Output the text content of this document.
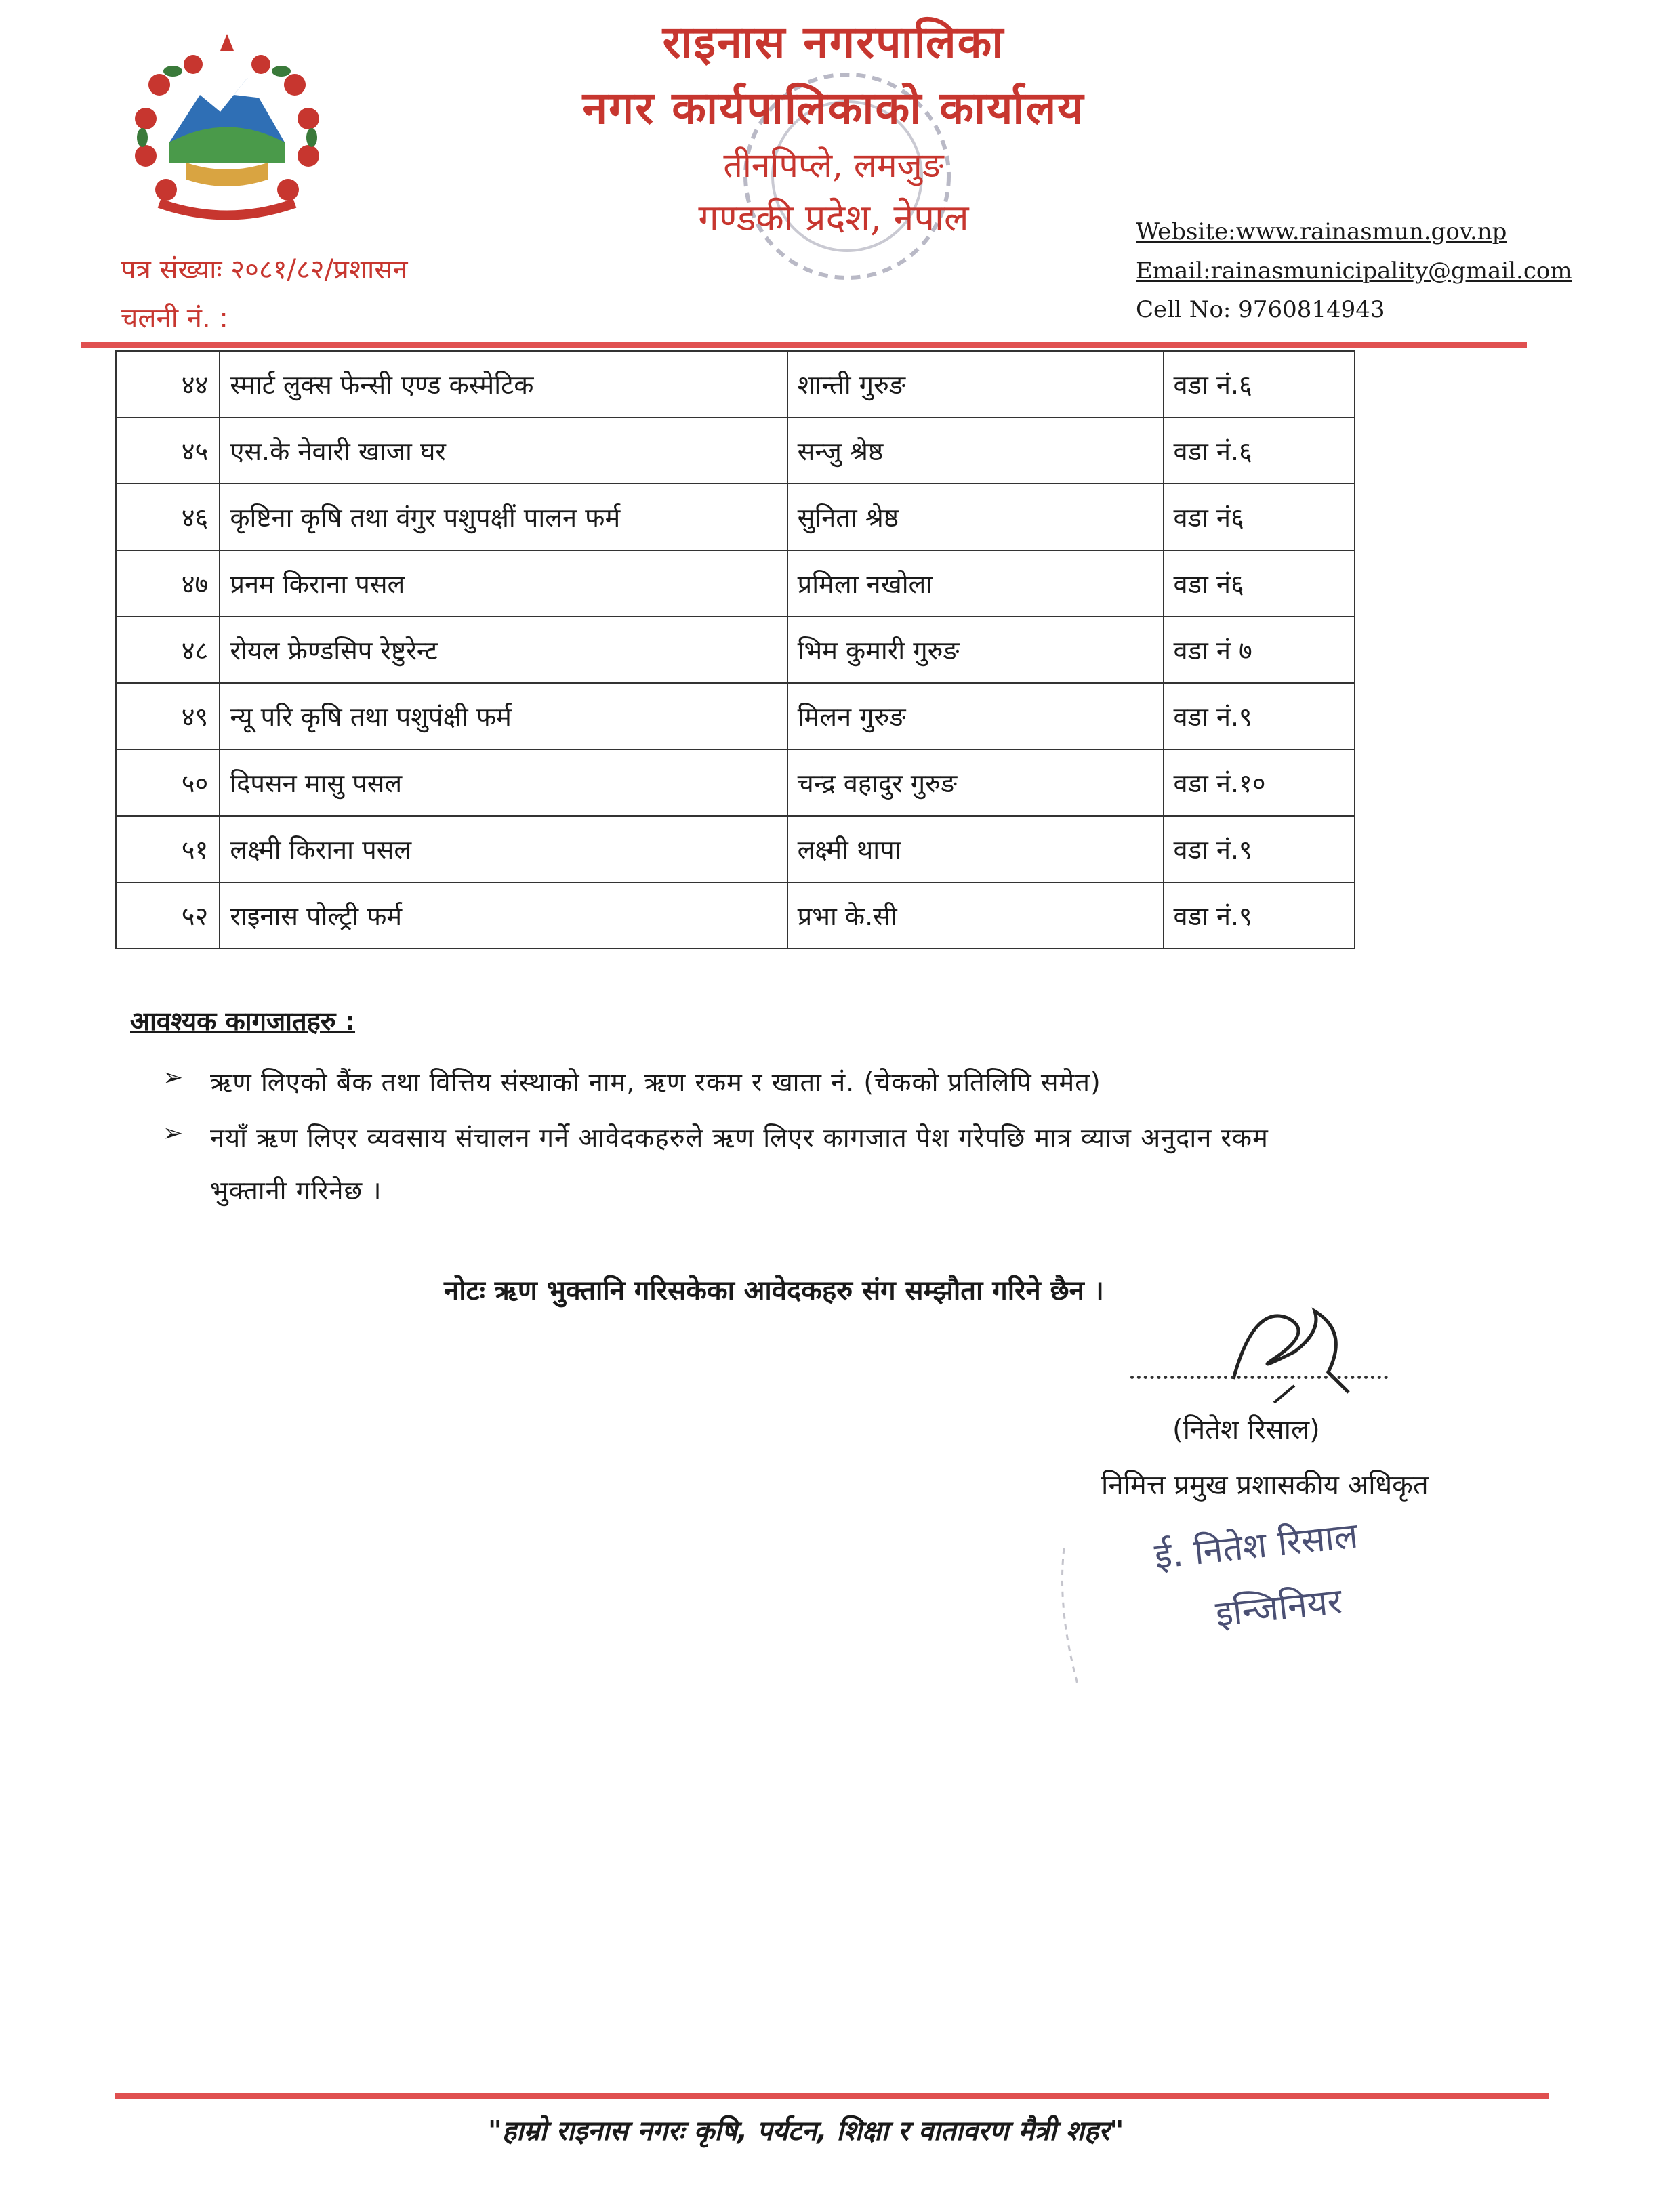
राइनास नगरपालिका
नगर कार्यपालिकाको कार्यालय
तीनपिप्ले, लमजुङ
गण्डकी प्रदेश, नेपाल	Website:www.rainasmun.gov.np
Email:rainasmunicipality@gmail.com
Cell No: 9760814943
पत्र संख्याः २०८१/८२/प्रशासन
चलनी नं. :
४४	स्मार्ट लुक्स फेन्सी एण्ड कस्मेटिक	शान्ती गुरुङ	वडा नं.६
४५	एस.के नेवारी खाजा घर	सन्जु श्रेष्ठ	वडा नं.६
४६	कृष्टिना कृषि तथा वंगुर पशुपक्षीं पालन फर्म	सुनिता श्रेष्ठ	वडा नं६
४७	प्रनम किराना पसल	प्रमिला नखोला	वडा नं६
४८	रोयल फ्रेण्डसिप रेष्टुरेन्ट	भिम कुमारी गुरुङ	वडा नं ७
४९	न्यू परि कृषि तथा पशुपंक्षी फर्म	मिलन गुरुङ	वडा नं.९
५०	दिपसन मासु पसल	चन्द्र वहादुर गुरुङ	वडा नं.१०
५१	लक्ष्मी किराना पसल	लक्ष्मी थापा	वडा नं.९
५२	राइनास पोल्ट्री फर्म	प्रभा के.सी	वडा नं.९
आवश्यक कागजातहरु :
➢ ऋण लिएको बैंक तथा वित्तिय संस्थाको नाम, ऋण रकम र खाता नं. (चेकको प्रतिलिपि समेत)
➢ नयाँ ऋण लिएर व्यवसाय संचालन गर्ने आवेदकहरुले ऋण लिएर कागजात पेश गरेपछि मात्र व्याज अनुदान रकम
भुक्तानी गरिनेछ ।
नोटः ऋण भुक्तानि गरिसकेका आवेदकहरु संग सम्झौता गरिने छैन ।
(नितेश रिसाल)
निमित्त प्रमुख प्रशासकीय अधिकृत
ई. नितेश रिसाल
इन्जिनियर
"हाम्रो राइनास नगरः कृषि, पर्यटन, शिक्षा र वातावरण मैत्री शहर"
